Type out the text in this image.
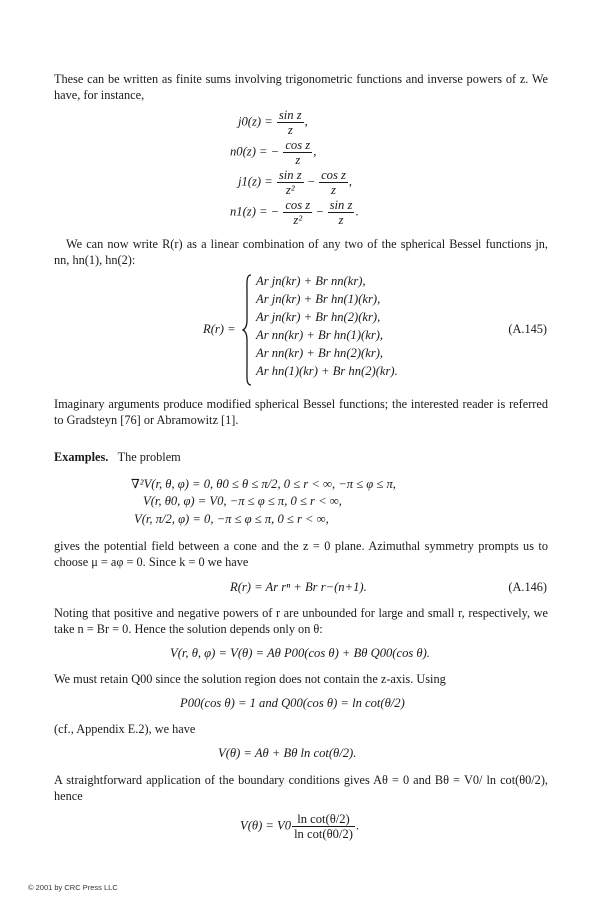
These can be written as finite sums involving trigonometric functions and inverse powers of z. We have, for instance,
$j0(z) = \frac{\text{sin z}}{z}$ ,
n0(z) = − $\frac{\text{cos z}}{z}$ ,
$j1(z) = \frac{\text{sin z}}{\text{z²}} - \frac{\text{cos z}}{z}$ ,
n1(z) = − $\frac{\text{cos z}}{\text{z²}} - \frac{\text{sin z}}{z}$ .
We can now write R(r) as a linear combination of any two of the spherical Bessel functions jn, nn, hn(1), hn(2):
R(r) =
Ar jn(kr) + Br nn(kr),
Ar jn(kr) + Br hn(1)(kr),
Ar jn(kr) + Br hn(2)(kr),
Ar nn(kr) + Br hn(1)(kr),
Ar nn(kr) + Br hn(2)(kr),
Ar hn(1)(kr) + Br hn(2)(kr).
(A.145)
Imaginary arguments produce modified spherical Bessel functions; the interested reader is referred to Gradsteyn [76] or Abramowitz [1].
Examples. The problem
∇²V(r, θ, φ) = 0, θ0 ≤ θ ≤ π/2, 0 ≤ r < ∞, −π ≤ φ ≤ π,
V(r, θ0, φ) = V0, −π ≤ φ ≤ π, 0 ≤ r < ∞,
V(r, π/2, φ) = 0, −π ≤ φ ≤ π, 0 ≤ r < ∞,
gives the potential field between a cone and the z = 0 plane. Azimuthal symmetry prompts us to choose μ = aφ = 0. Since k = 0 we have
R(r) = Ar rⁿ + Br r−(n+1).	(A.146)
Noting that positive and negative powers of r are unbounded for large and small r, respectively, we take n = Br = 0. Hence the solution depends only on θ:
V(r, θ, φ) = V(θ) = Aθ P00(cos θ) + Bθ Q00(cos θ).
We must retain Q00 since the solution region does not contain the z-axis. Using
P00(cos θ) = 1 and Q00(cos θ) = ln cot(θ/2)
(cf., Appendix E.2), we have
V(θ) = Aθ + Bθ ln cot(θ/2).
A straightforward application of the boundary conditions gives Aθ = 0 and Bθ = V0/ ln cot(θ0/2), hence
$V(\theta) = V0 \frac{\text{ln cot(θ/2)}}{\text{ln cot(θ0/2)}}$ .
© 2001 by CRC Press LLC
